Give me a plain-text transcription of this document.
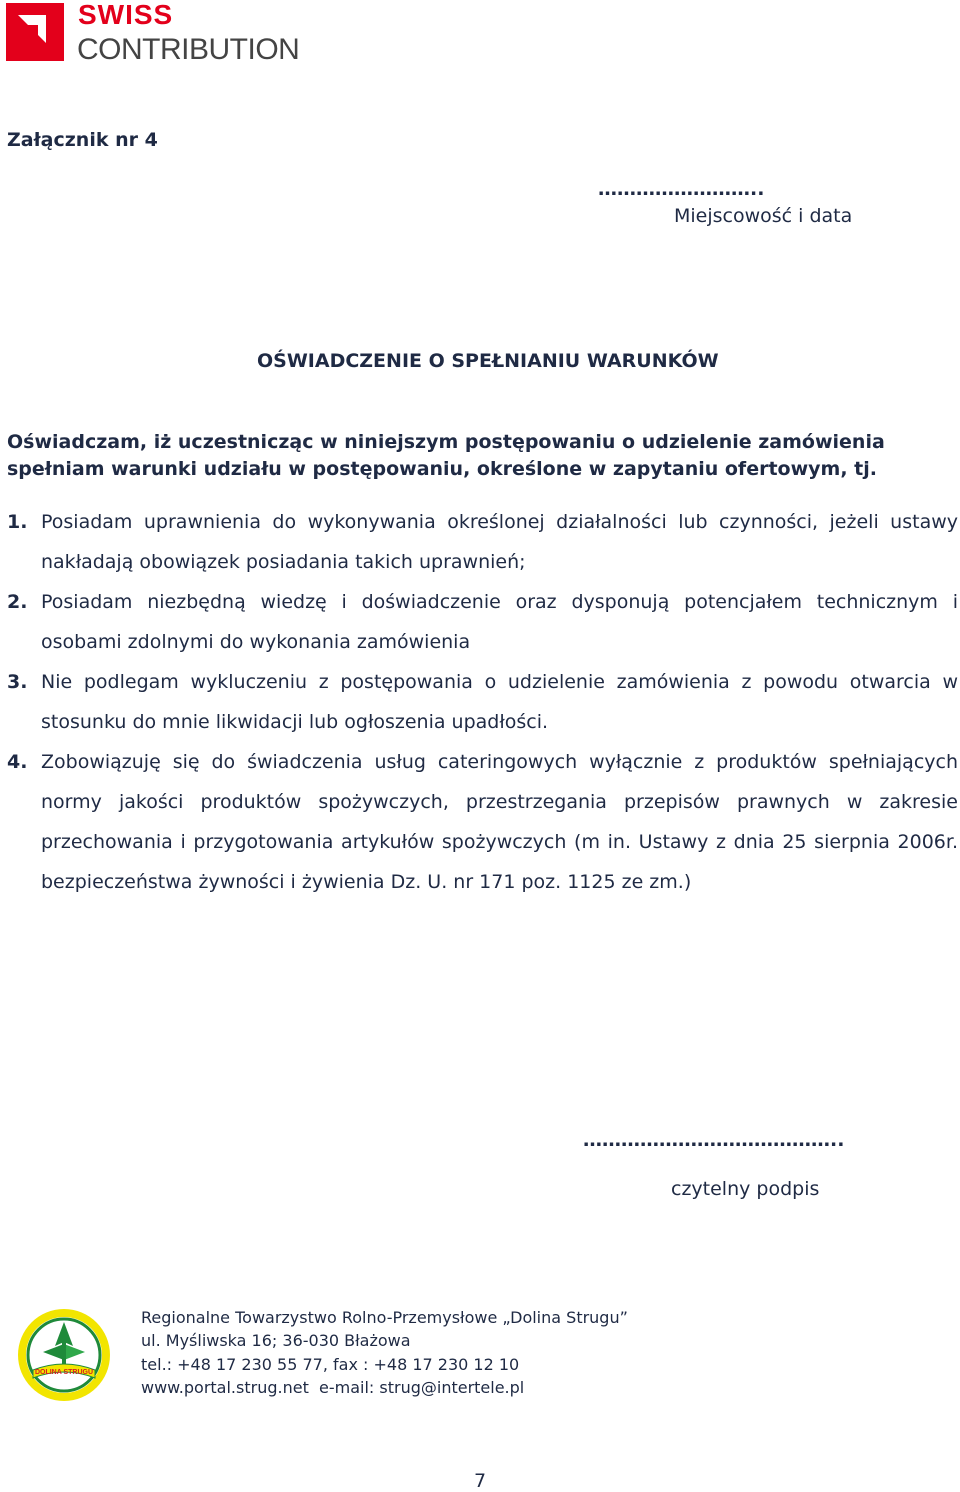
SWISS
CONTRIBUTION
Załącznik nr 4
……………………..
Miejscowość i data
OŚWIADCZENIE O SPEŁNIANIU WARUNKÓW
Oświadczam, iż uczestnicząc w niniejszym postępowaniu o udzielenie zamówienia spełniam warunki udziału w postępowaniu, określone w zapytaniu ofertowym, tj.
1. Posiadam uprawnienia do wykonywania określonej działalności lub czynności, jeżeli ustawy nakładają obowiązek posiadania takich uprawnień;
2. Posiadam niezbędną wiedzę i doświadczenie oraz dysponują potencjałem technicznym i osobami zdolnymi do wykonania zamówienia
3. Nie podlegam wykluczeniu z postępowania o udzielenie zamówienia z powodu otwarcia w stosunku do mnie likwidacji lub ogłoszenia upadłości.
4. Zobowiązuję się do świadczenia usług cateringowych wyłącznie z produktów spełniających normy jakości produktów spożywczych, przestrzegania przepisów prawnych w zakresie przechowania i przygotowania artykułów spożywczych (m in. Ustawy z dnia 25 sierpnia 2006r. bezpieczeństwa żywności i żywienia Dz. U. nr 171 poz. 1125 ze zm.)
…………………………………..
czytelny podpis
DOLINA STRUGU
Regionalne Towarzystwo Rolno-Przemysłowe „Dolina Strugu”
ul. Myśliwska 16; 36-030 Błażowa
tel.: +48 17 230 55 77, fax : +48 17 230 12 10
www.portal.strug.net  e-mail: strug@intertele.pl
7
